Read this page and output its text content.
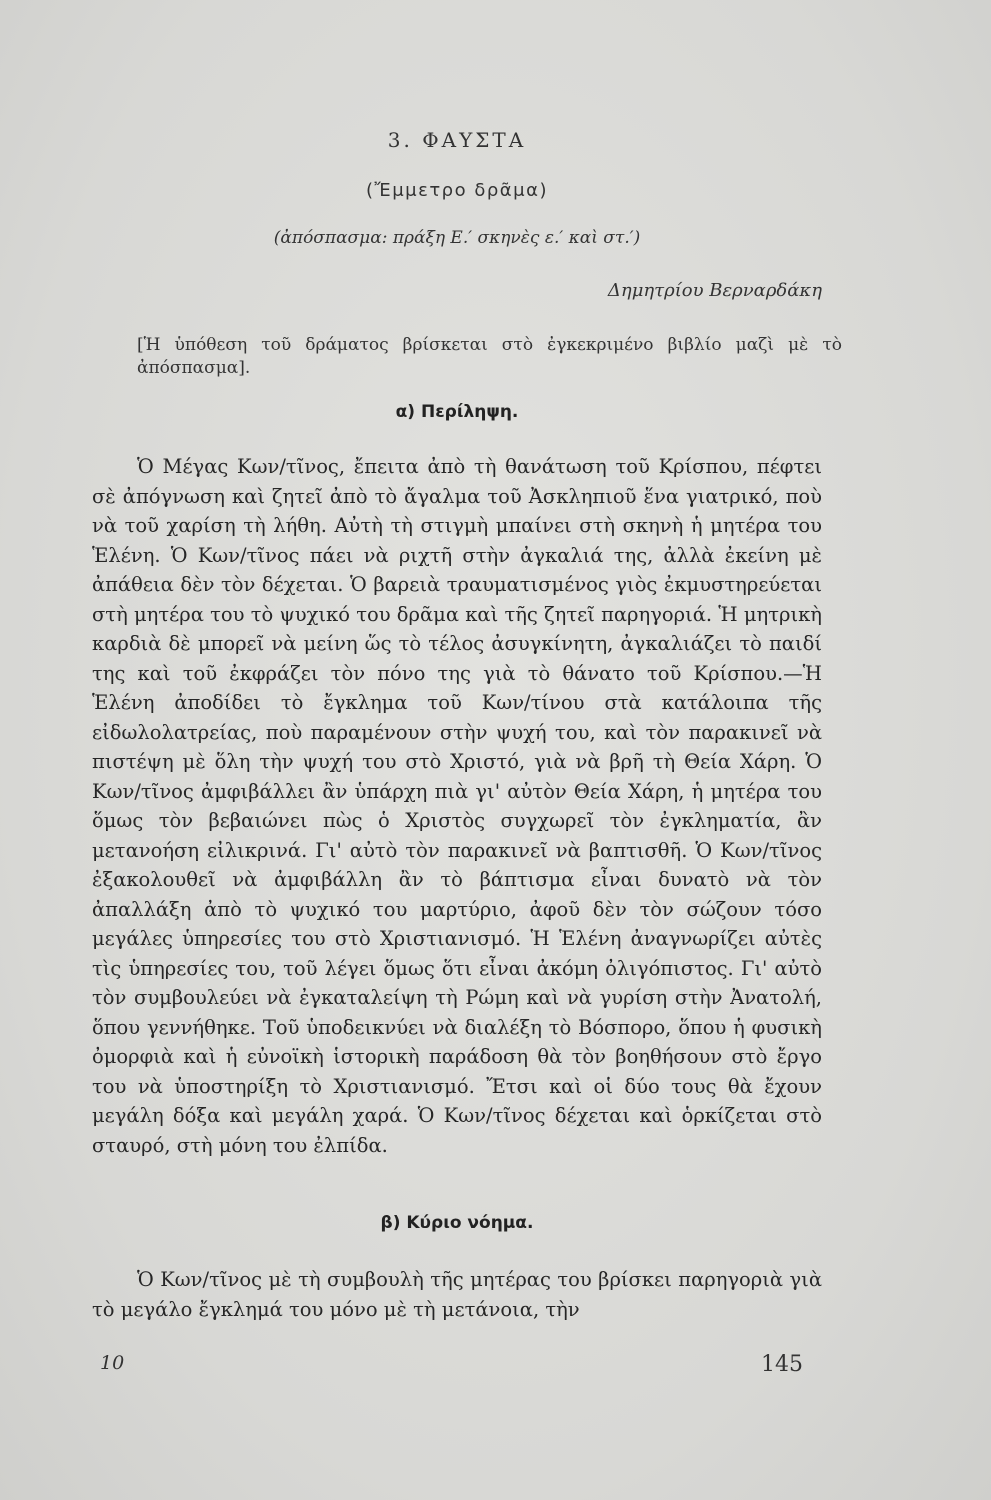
3. ΦΑΥΣΤΑ
(Ἔμμετρο δρᾶμα)
(ἀπόσπασμα: πράξη Ε.′ σκηνὲς ε.′ καὶ στ.′)
Δημητρίου Βερναρδάκη
[Ἡ ὑπόθεση τοῦ δράματος βρίσκεται στὸ ἐγκεκριμένο βιβλίο μαζὶ μὲ τὸ ἀπόσπασμα].
α) Περίληψη.

Ὁ Μέγας Κων/τῖνος, ἔπειτα ἀπὸ τὴ θανάτωση τοῦ Κρίσπου, πέφτει σὲ ἀπόγνωση καὶ ζητεῖ ἀπὸ τὸ ἄγαλμα τοῦ Ἀσκληπιοῦ ἕνα γιατρικό, ποὺ νὰ τοῦ χαρίση τὴ λήθη. Αὐτὴ τὴ στιγμὴ μπαίνει στὴ σκηνὴ ἡ μητέρα του Ἑλένη. Ὁ Κων/τῖνος πάει νὰ ριχτῆ στὴν ἀγκαλιά της, ἀλλὰ ἐκείνη μὲ ἀπάθεια δὲν τὸν δέχεται. Ὁ βαρειὰ τραυματισμένος γιὸς ἐκμυστηρεύεται στὴ μητέρα του τὸ ψυχικό του δρᾶμα καὶ τῆς ζητεῖ παρηγοριά. Ἡ μητρικὴ καρδιὰ δὲ μπορεῖ νὰ μείνη ὥς τὸ τέλος ἀσυγκίνητη, ἀγκαλιάζει τὸ παιδί της καὶ τοῦ ἐκφράζει τὸν πόνο της γιὰ τὸ θάνατο τοῦ Κρίσπου.—Ἡ Ἑλένη ἀποδίδει τὸ ἔγκλημα τοῦ Κων/τίνου στὰ κατάλοιπα τῆς εἰδωλολατρείας, ποὺ παραμένουν στὴν ψυχή του, καὶ τὸν παρακινεῖ νὰ πιστέψη μὲ ὅλη τὴν ψυχή του στὸ Χριστό, γιὰ νὰ βρῆ τὴ Θεία Χάρη. Ὁ Κων/τῖνος ἀμφιβάλλει ἂν ὑπάρχη πιὰ γι' αὐτὸν Θεία Χάρη, ἡ μητέρα του ὅμως τὸν βεβαιώνει πὼς ὁ Χριστὸς συγχωρεῖ τὸν ἐγκληματία, ἂν μετανοήση εἰλικρινά. Γι' αὐτὸ τὸν παρακινεῖ νὰ βαπτισθῆ. Ὁ Κων/τῖνος ἐξακολουθεῖ νὰ ἀμφιβάλλη ἂν τὸ βάπτισμα εἶναι δυνατὸ νὰ τὸν ἀπαλλάξη ἀπὸ τὸ ψυχικό του μαρτύριο, ἀφοῦ δὲν τὸν σώζουν τόσο μεγάλες ὑπηρεσίες του στὸ Χριστιανισμό. Ἡ Ἑλένη ἀναγνωρίζει αὐτὲς τὶς ὑπηρεσίες του, τοῦ λέγει ὅμως ὅτι εἶναι ἀκόμη ὀλιγόπιστος. Γι' αὐτὸ τὸν συμβουλεύει νὰ ἐγκαταλείψη τὴ Ρώμη καὶ νὰ γυρίση στὴν Ἀνατολή, ὅπου γεννήθηκε. Τοῦ ὑποδεικνύει νὰ διαλέξη τὸ Βόσπορο, ὅπου ἡ φυσικὴ ὀμορφιὰ καὶ ἡ εὐνοϊκὴ ἱστορικὴ παράδοση θὰ τὸν βοηθήσουν στὸ ἔργο του νὰ ὑποστηρίξη τὸ Χριστιανισμό. Ἔτσι καὶ οἱ δύο τους θὰ ἔχουν μεγάλη δόξα καὶ μεγάλη χαρά. Ὁ Κων/τῖνος δέχεται καὶ ὁρκίζεται στὸ σταυρό, στὴ μόνη του ἐλπίδα.

β) Κύριο νόημα.

Ὁ Κων/τῖνος μὲ τὴ συμβουλὴ τῆς μητέρας του βρίσκει παρηγοριὰ γιὰ τὸ μεγάλο ἔγκλημά του μόνο μὲ τὴ μετάνοια, τὴν

10	145
